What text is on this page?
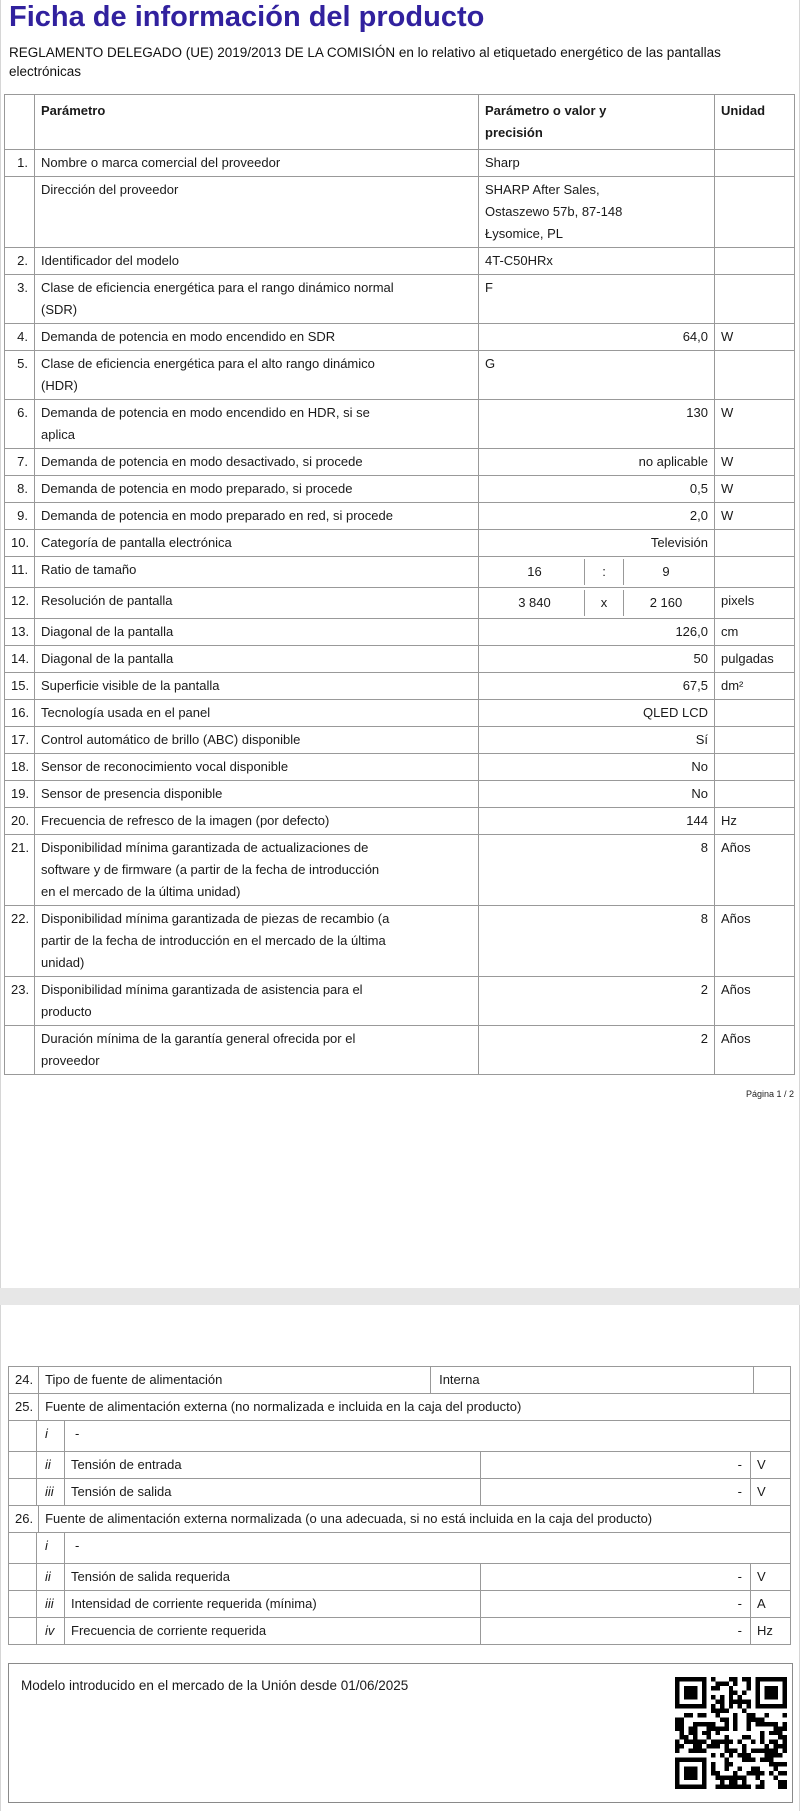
Ficha de información del producto

REGLAMENTO DELEGADO (UE) 2019/2013 DE LA COMISIÓN en lo relativo al etiquetado energético de las pantallas electrónicas

	Parámetro	Parámetro o valor y precisión	Unidad
1.	Nombre o marca comercial del proveedor	Sharp	
	Dirección del proveedor	SHARP After Sales, Ostaszewo 57b, 87-148 Łysomice, PL	
2.	Identificador del modelo	4T-C50HRx	
3.	Clase de eficiencia energética para el rango dinámico normal (SDR)	F	
4.	Demanda de potencia en modo encendido en SDR	64,0	W
5.	Clase de eficiencia energética para el alto rango dinámico (HDR)	G	
6.	Demanda de potencia en modo encendido en HDR, si se aplica	130	W
7.	Demanda de potencia en modo desactivado, si procede	no aplicable	W
8.	Demanda de potencia en modo preparado, si procede	0,5	W
9.	Demanda de potencia en modo preparado en red, si procede	2,0	W
10.	Categoría de pantalla electrónica	Televisión	
11.	Ratio de tamaño	16 : 9	

12.	Resolución de pantalla	3 840 x 2 160	pixels
13.	Diagonal de la pantalla	126,0	cm
14.	Diagonal de la pantalla	50	pulgadas
15.	Superficie visible de la pantalla	67,5	dm²
16.	Tecnología usada en el panel	QLED LCD	
17.	Control automático de brillo (ABC) disponible	Sí	
18.	Sensor de reconocimiento vocal disponible	No	
19.	Sensor de presencia disponible	No	
20.	Frecuencia de refresco de la imagen (por defecto)	144	Hz
21.	Disponibilidad mínima garantizada de actualizaciones de software y de firmware (a partir de la fecha de introducción en el mercado de la última unidad)	8	Años
22.	Disponibilidad mínima garantizada de piezas de recambio (a partir de la fecha de introducción en el mercado de la última unidad)	8	Años
23.	Disponibilidad mínima garantizada de asistencia para el producto	2	Años
	Duración mínima de la garantía general ofrecida por el proveedor	2	Años
Página 1 / 2
24. Tipo de fuente de alimentación	Interna
25. Fuente de alimentación externa (no normalizada e incluida en la caja del producto)
i	-
ii	Tensión de entrada	-	V
iii	Tensión de salida	-	V
26. Fuente de alimentación externa normalizada (o una adecuada, si no está incluida en la caja del producto)
i	-
ii	Tensión de salida requerida	-	V
iii	Intensidad de corriente requerida (mínima)	-	A
iv	Frecuencia de corriente requerida	-	Hz
Modelo introducido en el mercado de la Unión desde 01/06/2025
